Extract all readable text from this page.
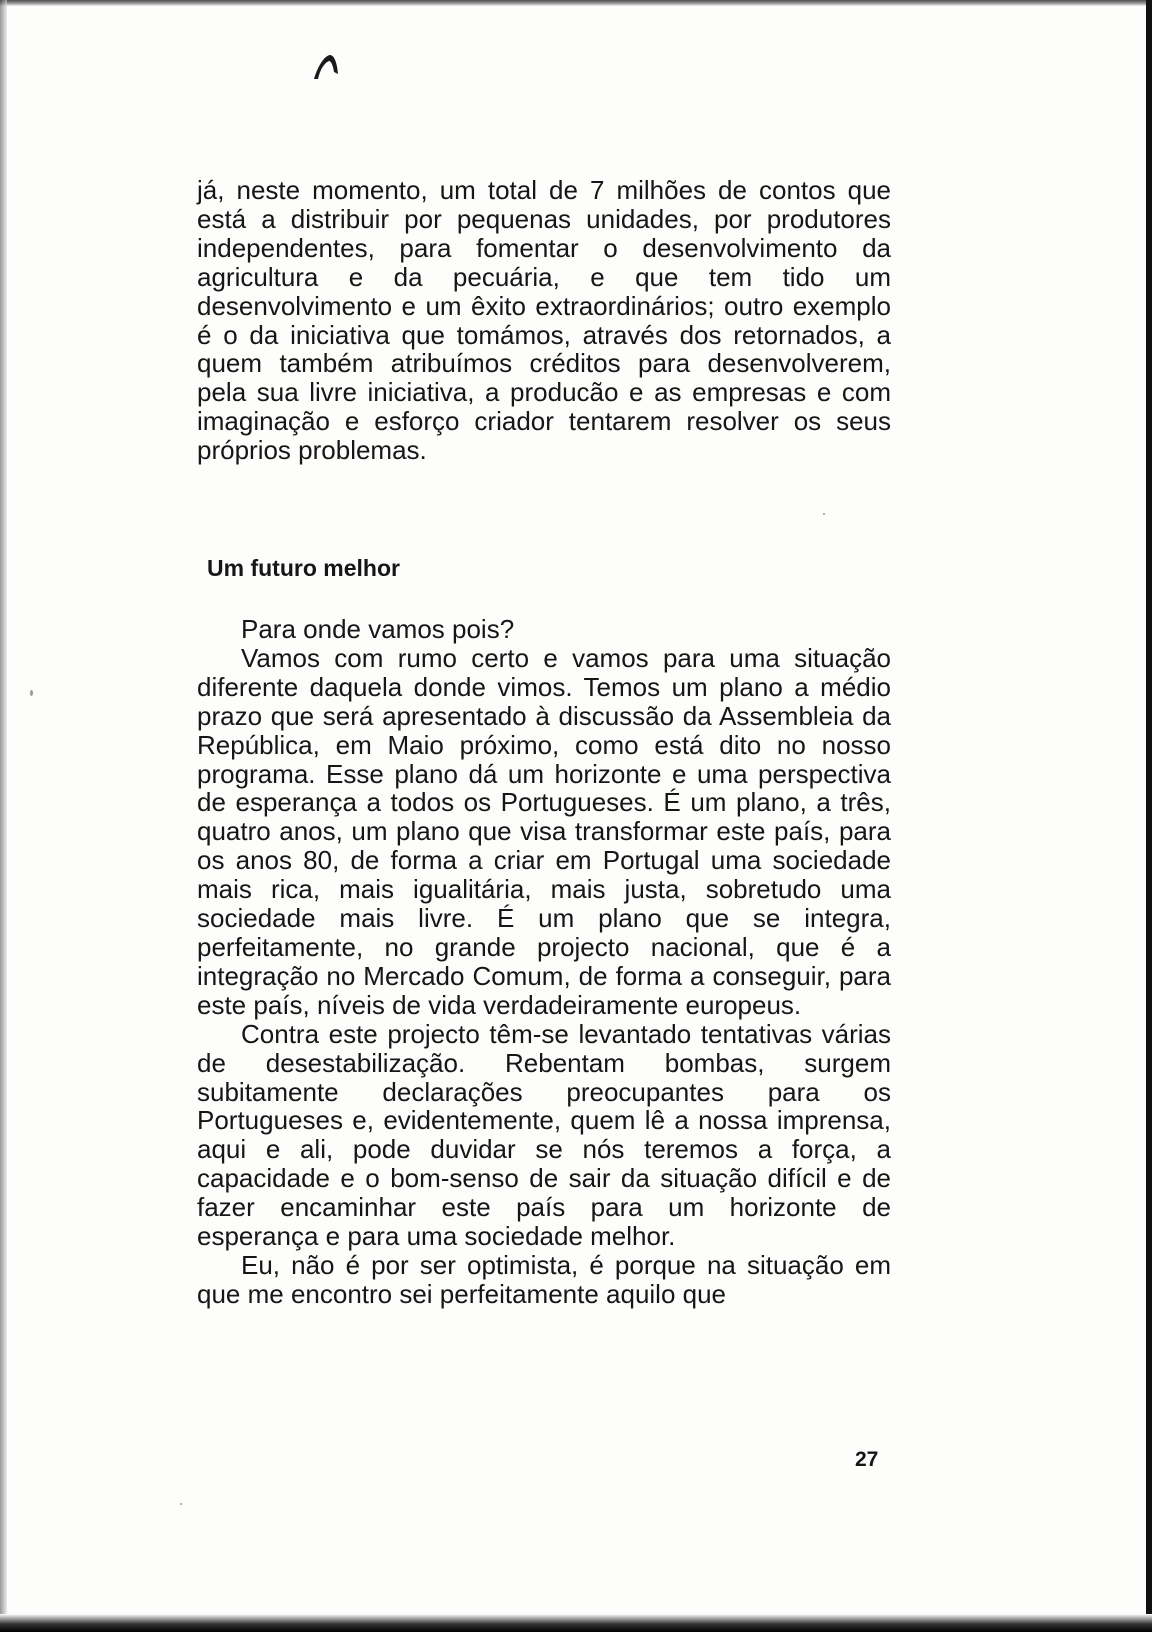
já, neste momento, um total de 7 milhões de contos que está a distribuir por pequenas unidades, por produtores independentes, para fomentar o desenvolvimento da agricultura e da pecuária, e que tem tido um desenvolvimento e um êxito extraordinários; outro exemplo é o da iniciativa que tomámos, através dos retornados, a quem também atribuímos créditos para desenvolverem, pela sua livre iniciativa, a producão e as empresas e com imaginação e esforço criador tentarem resolver os seus próprios problemas.

Um futuro melhor

Para onde vamos pois?

Vamos com rumo certo e vamos para uma situação diferente daquela donde vimos. Temos um plano a médio prazo que será apresentado à discussão da Assembleia da República, em Maio próximo, como está dito no nosso programa. Esse plano dá um horizonte e uma perspectiva de esperança a todos os Portugueses. É um plano, a três, quatro anos, um plano que visa transformar este país, para os anos 80, de forma a criar em Portugal uma sociedade mais rica, mais igualitária, mais justa, sobretudo uma sociedade mais livre. É um plano que se integra, perfeitamente, no grande projecto nacional, que é a integração no Mercado Comum, de forma a conseguir, para este país, níveis de vida verdadeiramente europeus.

Contra este projecto têm-se levantado tentativas várias de desestabilização. Rebentam bombas, surgem subitamente declarações preocupantes para os Portugueses e, evidentemente, quem lê a nossa imprensa, aqui e ali, pode duvidar se nós teremos a força, a capacidade e o bom-senso de sair da situação difícil e de fazer encaminhar este país para um horizonte de esperança e para uma sociedade melhor.

Eu, não é por ser optimista, é porque na situação em que me encontro sei perfeitamente aquilo que

27
